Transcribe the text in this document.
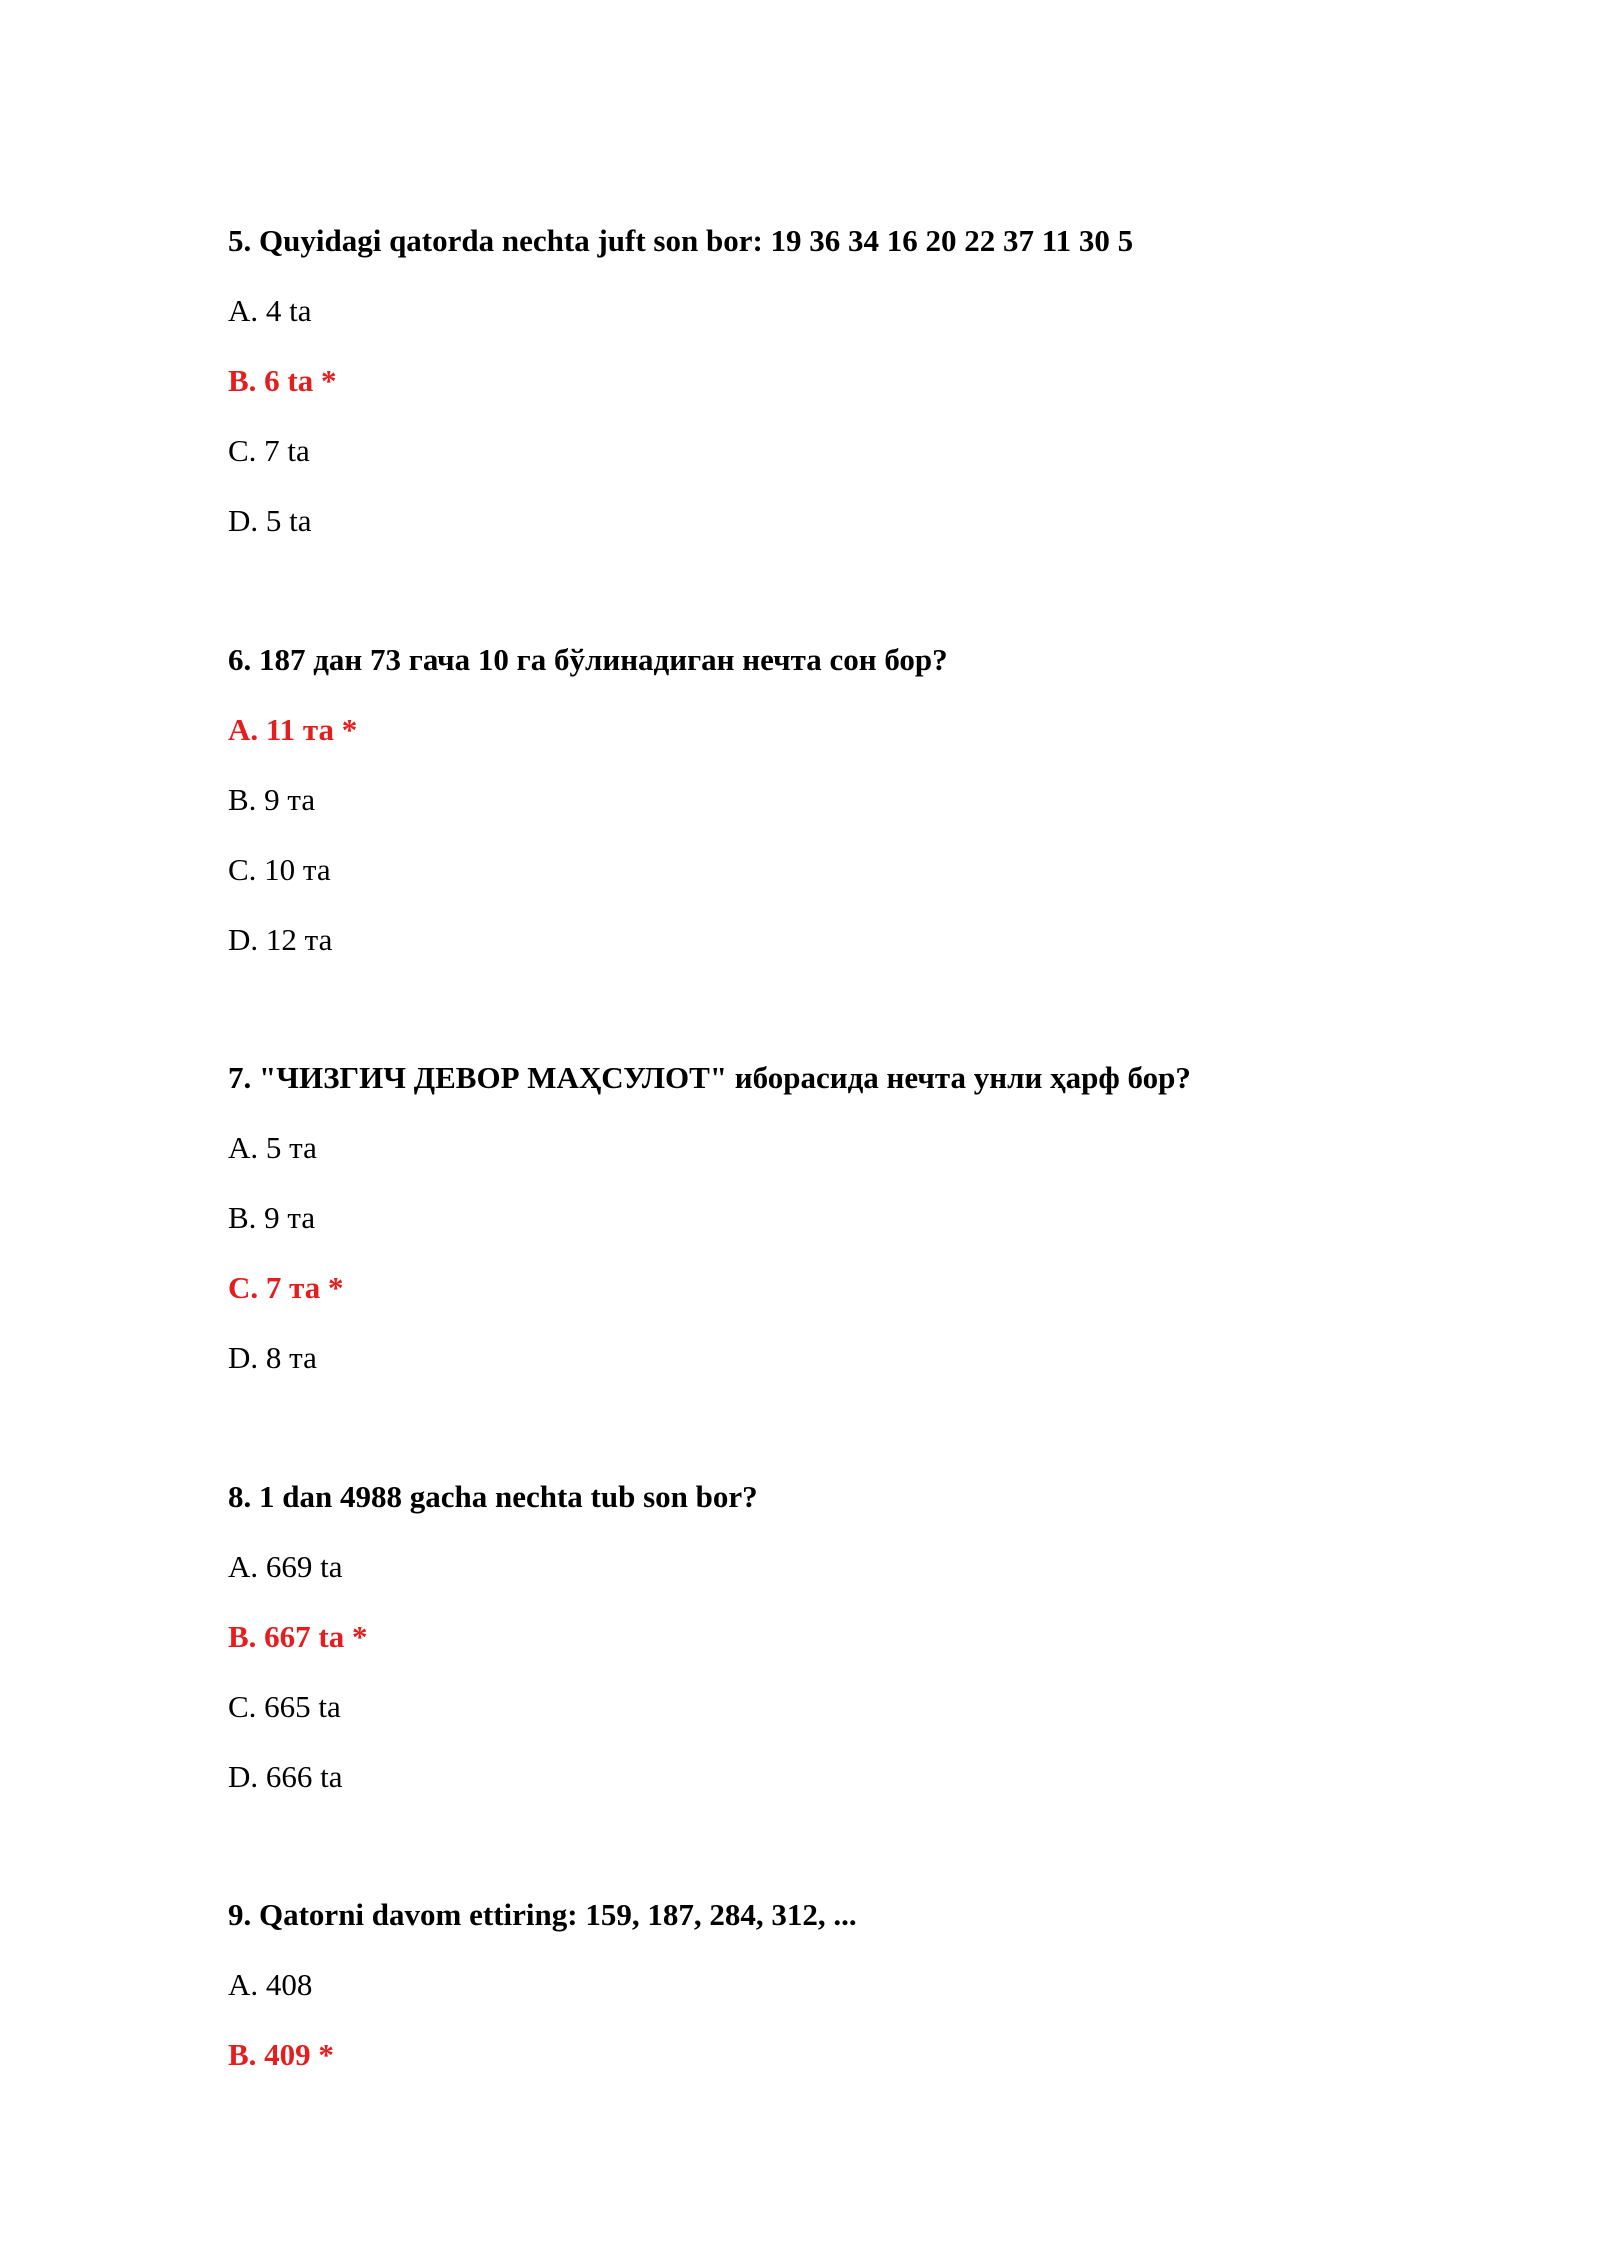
5. Quyidagi qatorda nechta juft son bor: 19 36 34 16 20 22 37 11 30 5
A. 4 ta
B. 6 ta *
C. 7 ta
D. 5 ta
6. 187 дан 73 гача 10 га бўлинадиган нечта сон бор?
A. 11 та *
B. 9 та
C. 10 та
D. 12 та
7. "ЧИЗГИЧ ДЕВОР МАҲСУЛОТ" иборасида нечта унли ҳарф бор?
A. 5 та
B. 9 та
C. 7 та *
D. 8 та
8. 1 dan 4988 gacha nechta tub son bor?
A. 669 ta
B. 667 ta *
C. 665 ta
D. 666 ta
9. Qatorni davom ettiring: 159, 187, 284, 312, ...
A. 408
B. 409 *
